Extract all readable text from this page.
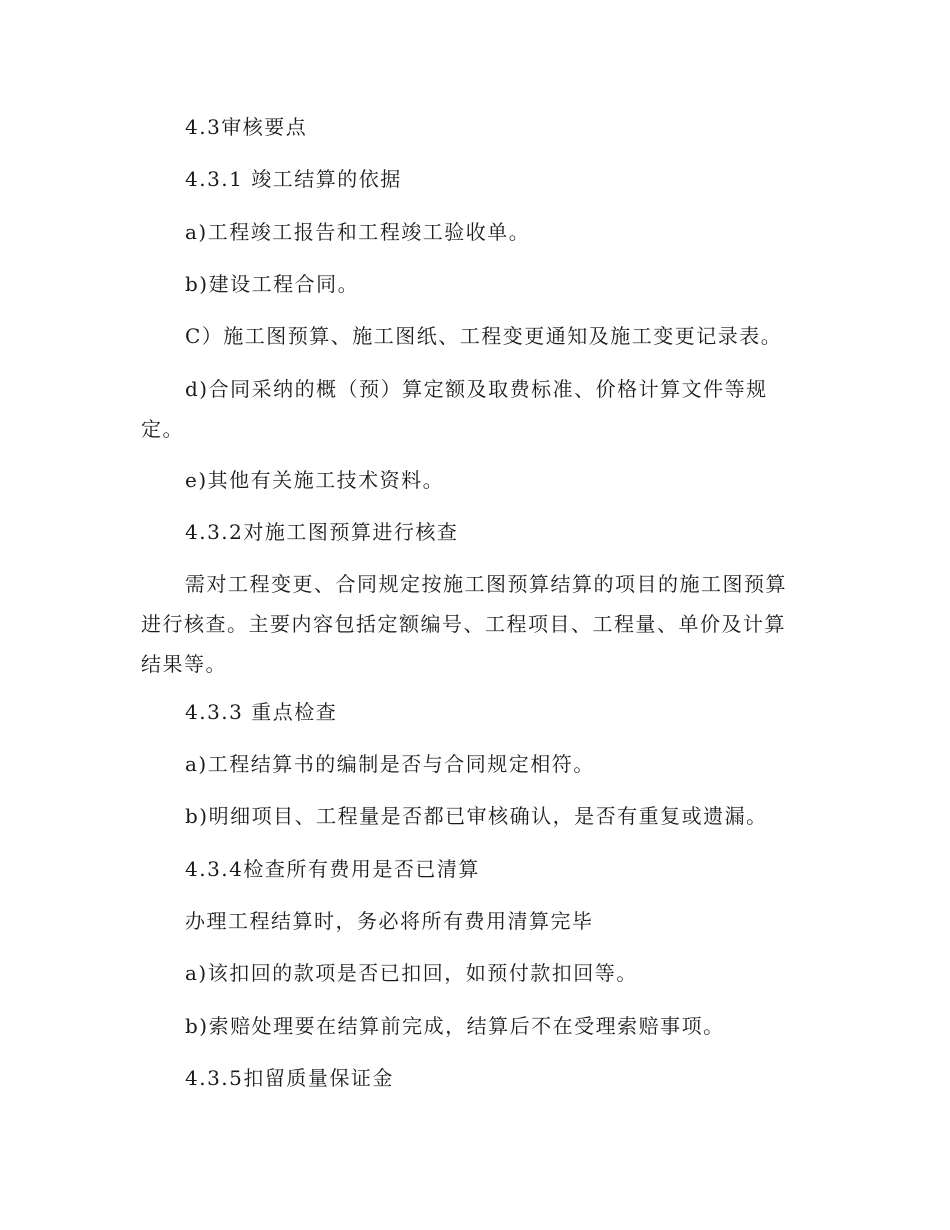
4.3审核要点

4.3.1 竣工结算的依据

a)工程竣工报告和工程竣工验收单。

b)建设工程合同。

C）施工图预算、施工图纸、工程变更通知及施工变更记录表。

d)合同采纳的概（预）算定额及取费标准、价格计算文件等规定。

e)其他有关施工技术资料。

4.3.2对施工图预算进行核查

需对工程变更、合同规定按施工图预算结算的项目的施工图预算进行核查。主要内容包括定额编号、工程项目、工程量、单价及计算结果等。

4.3.3 重点检查

a)工程结算书的编制是否与合同规定相符。

b)明细项目、工程量是否都已审核确认，是否有重复或遗漏。

4.3.4检查所有费用是否已清算

办理工程结算时，务必将所有费用清算完毕

a)该扣回的款项是否已扣回，如预付款扣回等。

b)索赔处理要在结算前完成，结算后不在受理索赔事项。

4.3.5扣留质量保证金
